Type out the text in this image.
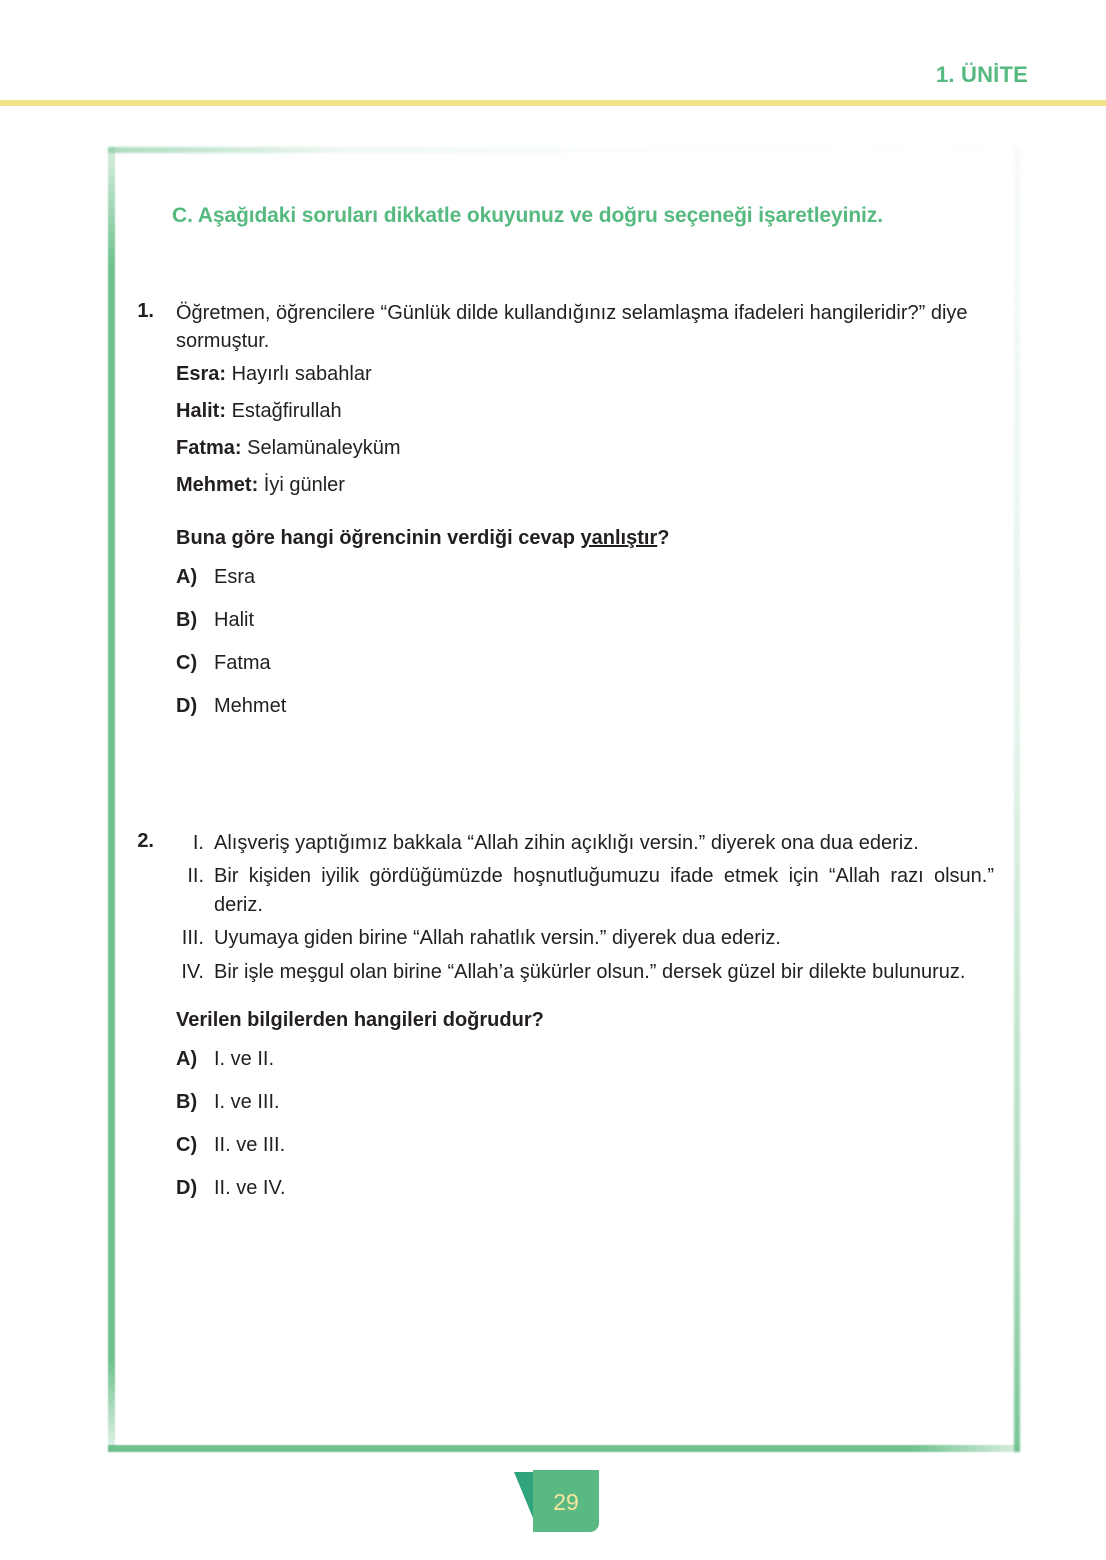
1. ÜNİTE
C. Aşağıdaki soruları dikkatle okuyunuz ve doğru seçeneği işaretleyiniz.
1. Öğretmen, öğrencilere “Günlük dilde kullandığınız selamlaşma ifadeleri hangileridir?” diye sormuştur.

Esra: Hayırlı sabahlar

Halit: Estağfirullah

Fatma: Selamünaleyküm

Mehmet: İyi günler

Buna göre hangi öğrencinin verdiği cevap yanlıştır?

A) Esra
B) Halit
C) Fatma
D) Mehmet
2.	I. Alışveriş yaptığımız bakkala “Allah zihin açıklığı versin.” diyerek ona dua ederiz.
II. Bir kişiden iyilik gördüğümüzde hoşnutluğumuzu ifade etmek için “Allah razı olsun.” deriz.
III. Uyumaya giden birine “Allah rahatlık versin.” diyerek dua ederiz.
IV. Bir işle meşgul olan birine “Allah’a şükürler olsun.” dersek güzel bir dilekte bulunuruz.

Verilen bilgilerden hangileri doğrudur?

A) I. ve II.
B) I. ve III.
C) II. ve III.
D) II. ve IV.
29
